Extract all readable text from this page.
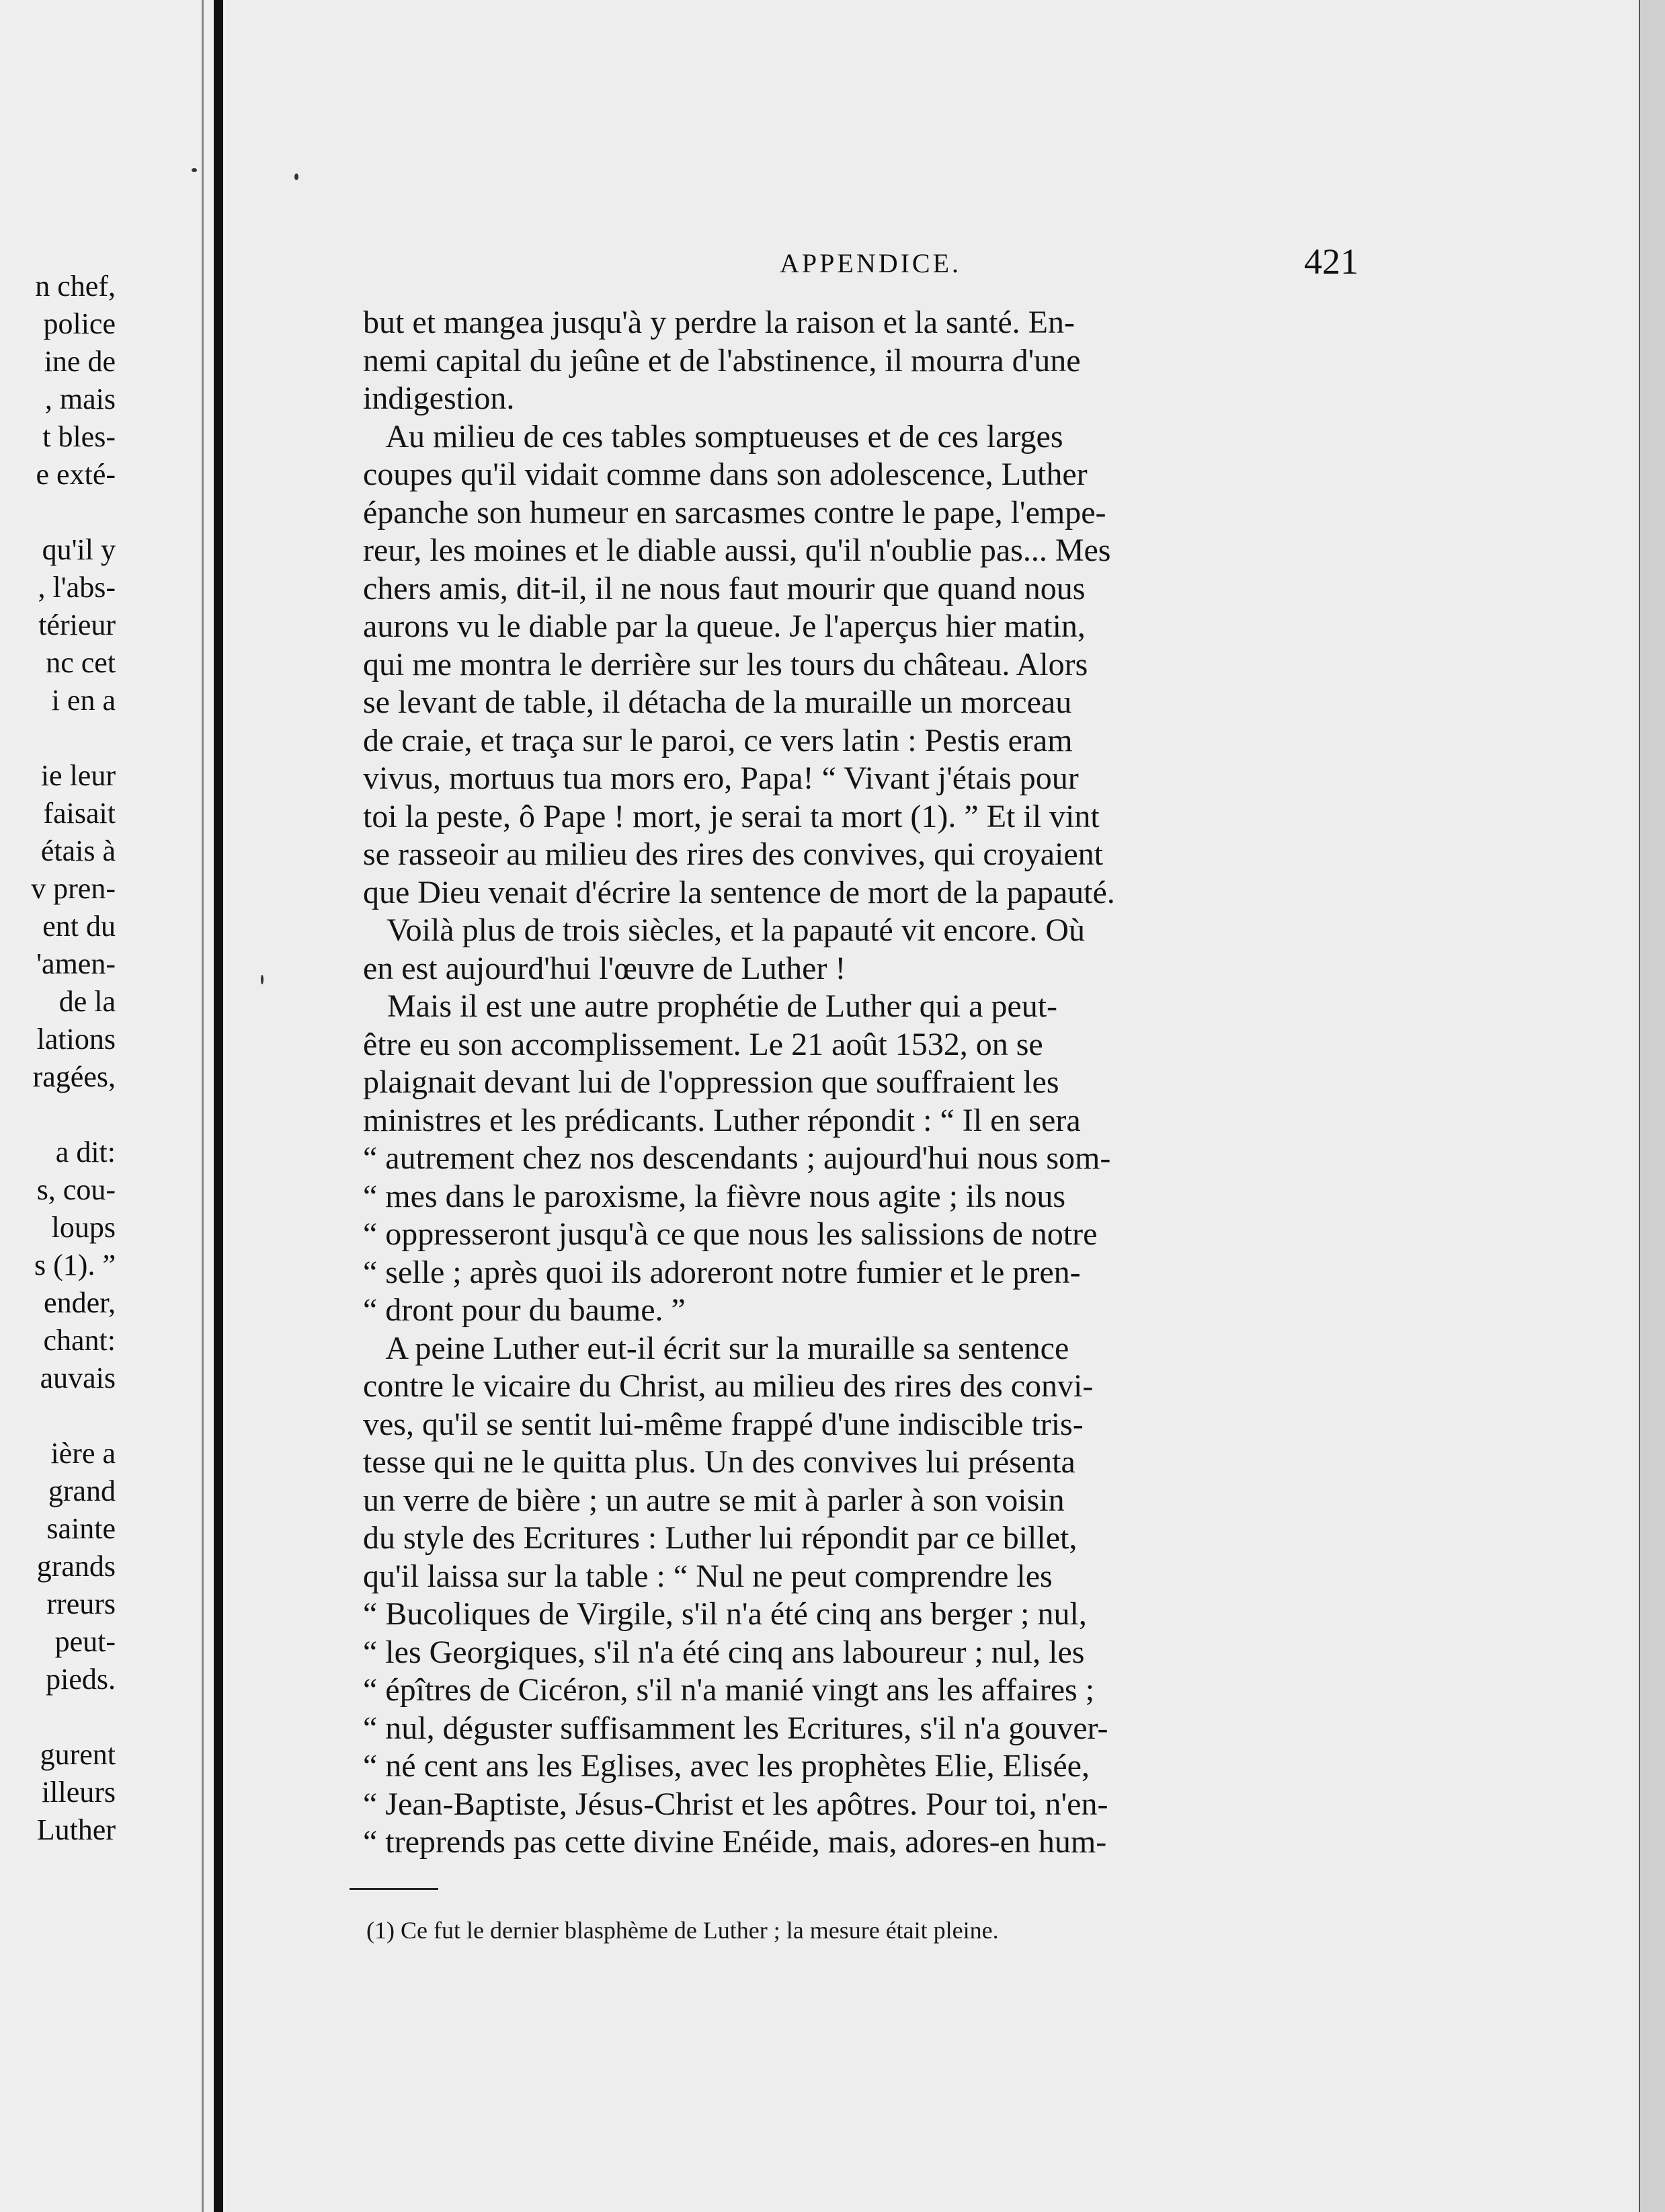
n chef,
police
ine de
, mais
t bles-
e exté-
qu'il y
, l'abs-
térieur
nc cet
i en a
ie leur
faisait
étais à
v pren-
ent du
'amen-
de la
lations
ragées,
a dit:
s, cou-
loups
s (1). ”
ender,
chant:
auvais
ière a
grand
sainte
grands
rreurs
peut-
pieds.
gurent
illeurs
Luther
APPENDICE.	421
but et mangea jusqu'à y perdre la raison et la santé. En-
nemi capital du jeûne et de l'abstinence, il mourra d'une
indigestion.
Au milieu de ces tables somptueuses et de ces larges
coupes qu'il vidait comme dans son adolescence, Luther
épanche son humeur en sarcasmes contre le pape, l'empe-
reur, les moines et le diable aussi, qu'il n'oublie pas... Mes
chers amis, dit-il, il ne nous faut mourir que quand nous
aurons vu le diable par la queue. Je l'aperçus hier matin,
qui me montra le derrière sur les tours du château. Alors
se levant de table, il détacha de la muraille un morceau
de craie, et traça sur le paroi, ce vers latin : Pestis eram
vivus, mortuus tua mors ero, Papa! “ Vivant j'étais pour
toi la peste, ô Pape ! mort, je serai ta mort (1). ” Et il vint
se rasseoir au milieu des rires des convives, qui croyaient
que Dieu venait d'écrire la sentence de mort de la papauté.
Voilà plus de trois siècles, et la papauté vit encore. Où
en est aujourd'hui l'œuvre de Luther !
Mais il est une autre prophétie de Luther qui a peut-
être eu son accomplissement. Le 21 août 1532, on se
plaignait devant lui de l'oppression que souffraient les
ministres et les prédicants. Luther répondit : “ Il en sera
“ autrement chez nos descendants ; aujourd'hui nous som-
“ mes dans le paroxisme, la fièvre nous agite ; ils nous
“ oppresseront jusqu'à ce que nous les salissions de notre
“ selle ; après quoi ils adoreront notre fumier et le pren-
“ dront pour du baume. ”
A peine Luther eut-il écrit sur la muraille sa sentence
contre le vicaire du Christ, au milieu des rires des convi-
ves, qu'il se sentit lui-même frappé d'une indiscible tris-
tesse qui ne le quitta plus. Un des convives lui présenta
un verre de bière ; un autre se mit à parler à son voisin
du style des Ecritures : Luther lui répondit par ce billet,
qu'il laissa sur la table : “ Nul ne peut comprendre les
“ Bucoliques de Virgile, s'il n'a été cinq ans berger ; nul,
“ les Georgiques, s'il n'a été cinq ans laboureur ; nul, les
“ épîtres de Cicéron, s'il n'a manié vingt ans les affaires ;
“ nul, déguster suffisamment les Ecritures, s'il n'a gouver-
“ né cent ans les Eglises, avec les prophètes Elie, Elisée,
“ Jean-Baptiste, Jésus-Christ et les apôtres. Pour toi, n'en-
“ treprends pas cette divine Enéide, mais, adores-en hum-
(1) Ce fut le dernier blasphème de Luther ; la mesure était pleine.
